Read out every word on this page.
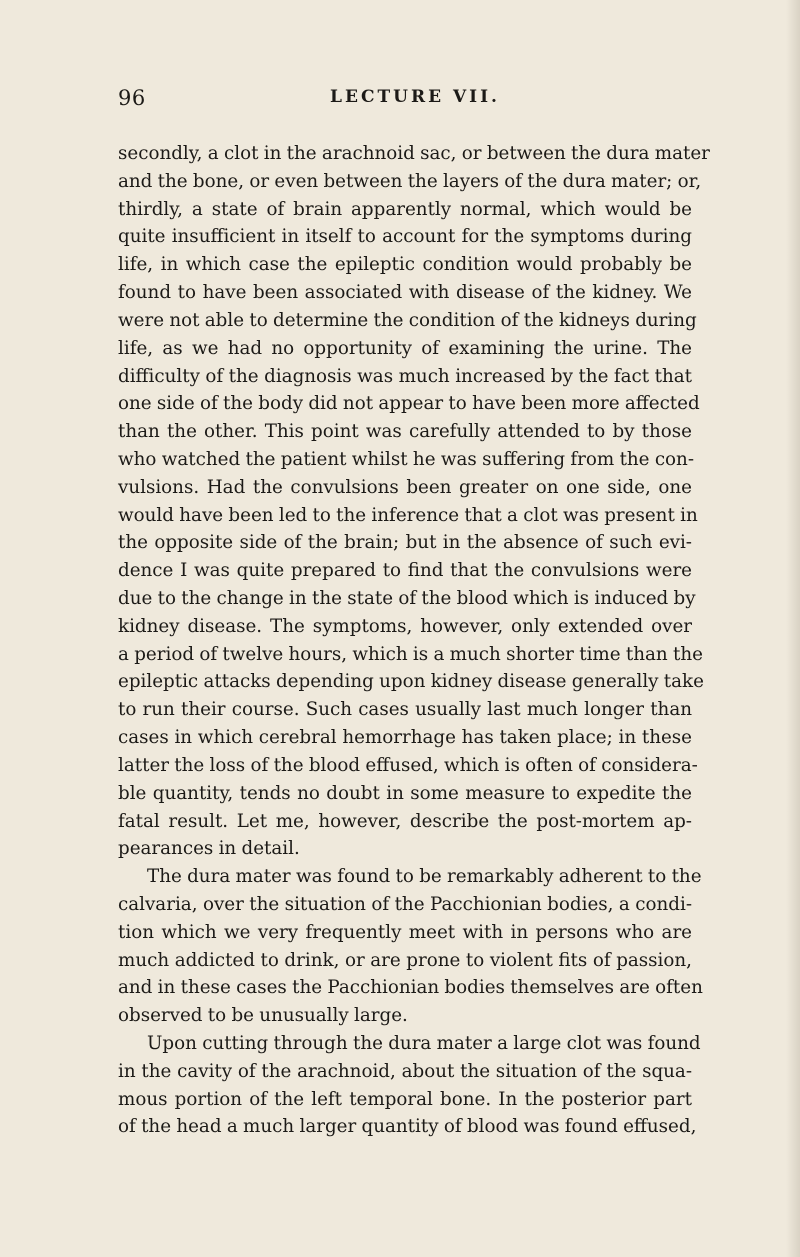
96	LECTURE VII.
secondly, a clot in the arachnoid sac, or between the dura mater
and the bone, or even between the layers of the dura mater; or,
thirdly, a state of brain apparently normal, which would be
quite insufficient in itself to account for the symptoms during
life, in which case the epileptic condition would probably be
found to have been associated with disease of the kidney. We
were not able to determine the condition of the kidneys during
life, as we had no opportunity of examining the urine. The
difficulty of the diagnosis was much increased by the fact that
one side of the body did not appear to have been more affected
than the other. This point was carefully attended to by those
who watched the patient whilst he was suffering from the con-
vulsions. Had the convulsions been greater on one side, one
would have been led to the inference that a clot was present in
the opposite side of the brain; but in the absence of such evi-
dence I was quite prepared to find that the convulsions were
due to the change in the state of the blood which is induced by
kidney disease. The symptoms, however, only extended over
a period of twelve hours, which is a much shorter time than the
epileptic attacks depending upon kidney disease generally take
to run their course. Such cases usually last much longer than
cases in which cerebral hemorrhage has taken place; in these
latter the loss of the blood effused, which is often of considera-
ble quantity, tends no doubt in some measure to expedite the
fatal result. Let me, however, describe the post-mortem ap-
pearances in detail.
The dura mater was found to be remarkably adherent to the
calvaria, over the situation of the Pacchionian bodies, a condi-
tion which we very frequently meet with in persons who are
much addicted to drink, or are prone to violent fits of passion,
and in these cases the Pacchionian bodies themselves are often
observed to be unusually large.
Upon cutting through the dura mater a large clot was found
in the cavity of the arachnoid, about the situation of the squa-
mous portion of the left temporal bone. In the posterior part
of the head a much larger quantity of blood was found effused,
